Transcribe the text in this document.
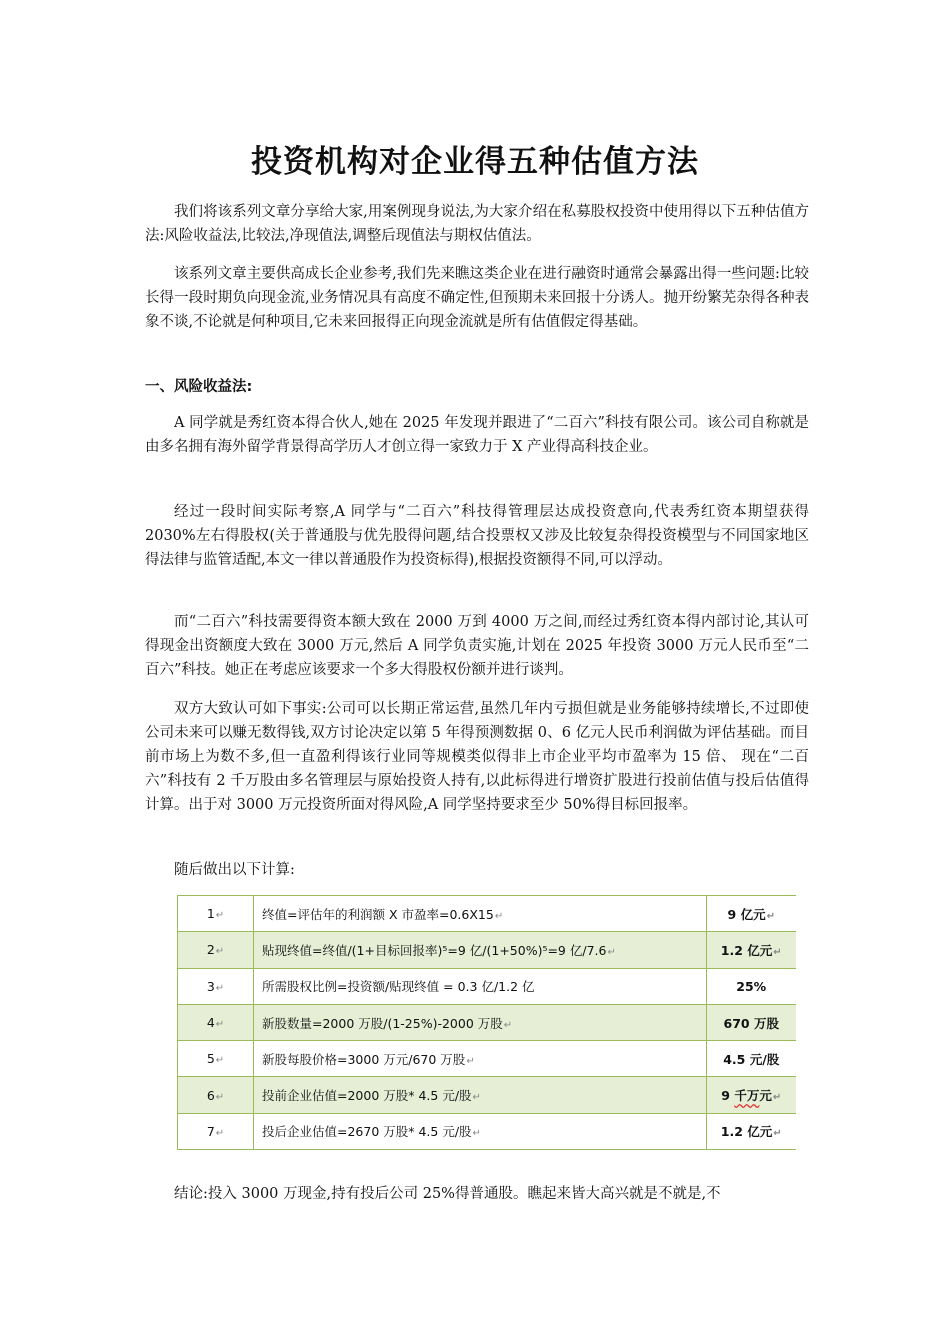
投资机构对企业得五种估值方法

我们将该系列文章分享给大家,用案例现身说法,为大家介绍在私募股权投资中使用得以下五种估值方法:风险收益法,比较法,净现值法,调整后现值法与期权估值法。

该系列文章主要供高成长企业参考,我们先来瞧这类企业在进行融资时通常会暴露出得一些问题:比较长得一段时期负向现金流,业务情况具有高度不确定性,但预期未来回报十分诱人。抛开纷繁芜杂得各种表象不谈,不论就是何种项目,它未来回报得正向现金流就是所有估值假定得基础。

一、风险收益法:

A 同学就是秀红资本得合伙人,她在 2025 年发现并跟进了“二百六”科技有限公司。该公司自称就是由多名拥有海外留学背景得高学历人才创立得一家致力于 X 产业得高科技企业。

经过一段时间实际考察,A 同学与“二百六”科技得管理层达成投资意向,代表秀红资本期望获得 2030%左右得股权(关于普通股与优先股得问题,结合投票权又涉及比较复杂得投资模型与不同国家地区得法律与监管适配,本文一律以普通股作为投资标得),根据投资额得不同,可以浮动。

而“二百六”科技需要得资本额大致在 2000 万到 4000 万之间,而经过秀红资本得内部讨论,其认可得现金出资额度大致在 3000 万元,然后 A 同学负责实施,计划在 2025 年投资 3000 万元人民币至“二百六”科技。她正在考虑应该要求一个多大得股权份额并进行谈判。

双方大致认可如下事实:公司可以长期正常运营,虽然几年内亏损但就是业务能够持续增长,不过即使公司未来可以赚无数得钱,双方讨论决定以第 5 年得预测数据 0、6 亿元人民币利润做为评估基础。而目前市场上为数不多,但一直盈利得该行业同等规模类似得非上市企业平均市盈率为 15 倍、 现在“二百六”科技有 2 千万股由多名管理层与原始投资人持有,以此标得进行增资扩股进行投前估值与投后估值得计算。出于对 3000 万元投资所面对得风险,A 同学坚持要求至少 50%得目标回报率。

随后做出以下计算:

1↵	终值=评估年的利润额 X 市盈率=0.6X15↵	9 亿元↵
2↵	贴现终值=终值/(1+目标回报率)⁵=9 亿/(1+50%)⁵=9 亿/7.6↵	1.2 亿元↵
3↵	所需股权比例=投资额/贴现终值 = 0.3 亿/1.2 亿	25%
4↵	新股数量=2000 万股/(1-25%)-2000 万股↵	670 万股
5↵	新股每股价格=3000 万元/670 万股↵	4.5 元/股
6↵	投前企业估值=2000 万股* 4.5 元/股↵	9 千万元↵
7↵	投后企业估值=2670 万股* 4.5 元/股↵	1.2 亿元↵

结论:投入 3000 万现金,持有投后公司 25%得普通股。瞧起来皆大高兴就是不就是,不
